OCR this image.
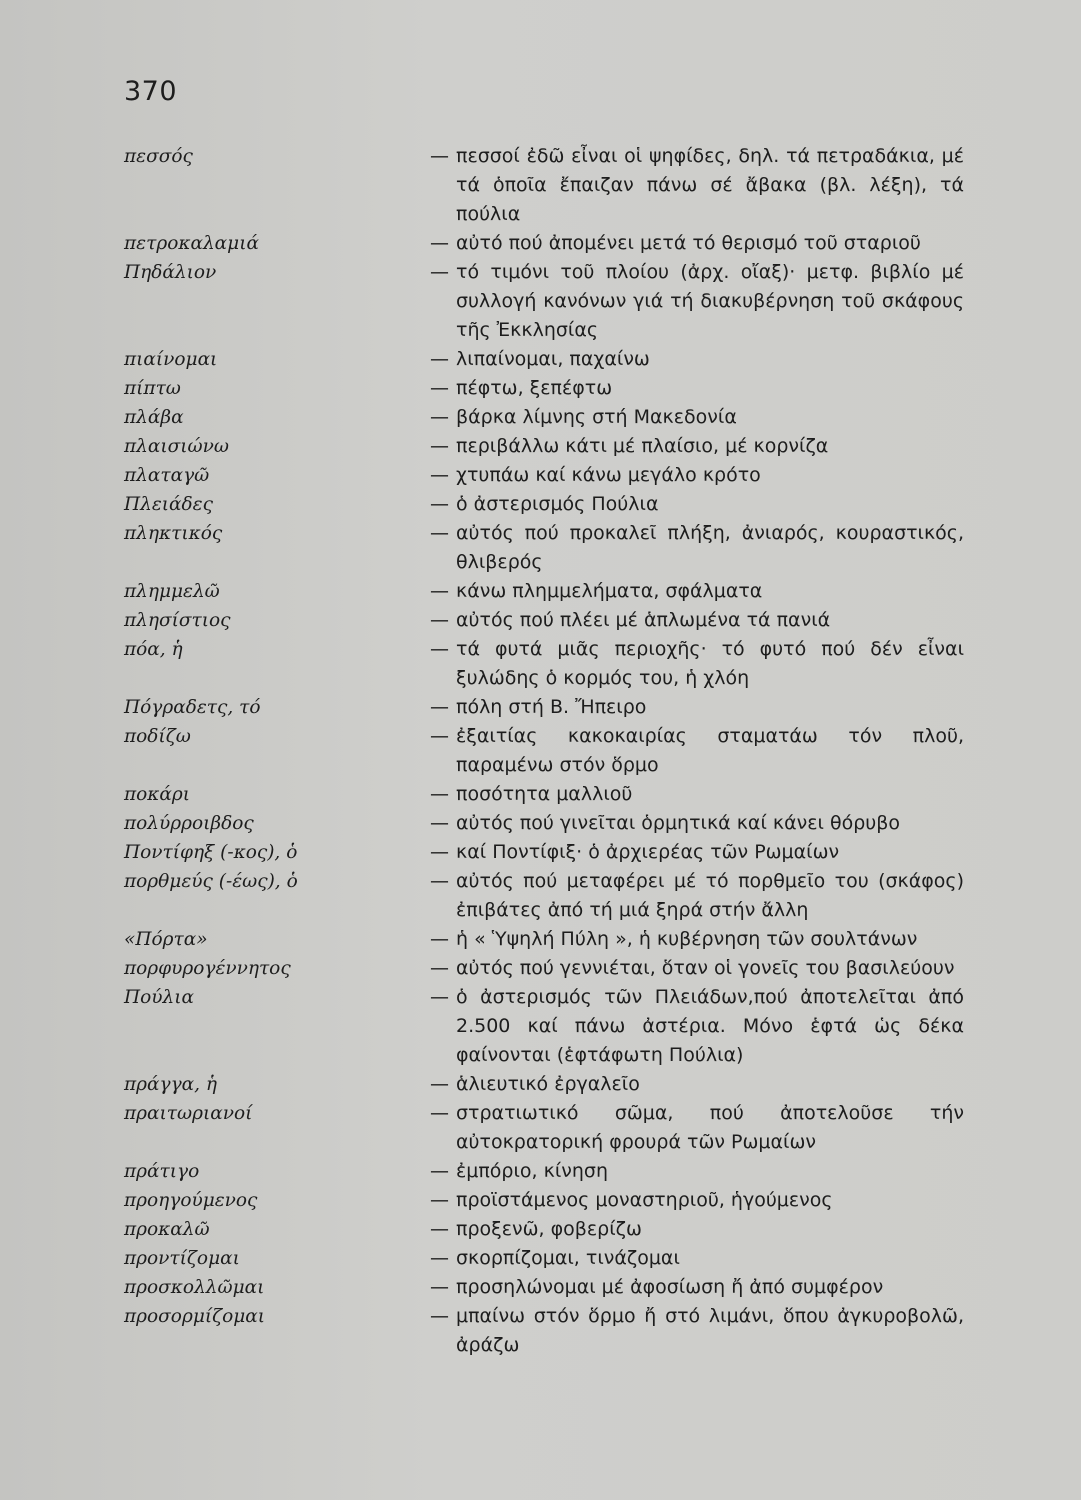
370
πεσσός	— πεσσοί ἐδῶ εἶναι οἱ ψηφίδες, δηλ. τά πετραδάκια, μέ τά ὁποῖα ἔπαιζαν πάνω σέ ἄβακα (βλ. λέξη), τά πούλια
πετροκαλαμιά	— αὐτό πού ἀπομένει μετά τό θερισμό τοῦ σταριοῦ
Πηδάλιον	— τό τιμόνι τοῦ πλοίου (ἀρχ. οἴαξ)· μετφ. βιβλίο μέ συλλογή κανόνων γιά τή διακυβέρνηση τοῦ σκάφους τῆς Ἐκκλησίας
πιαίνομαι	— λιπαίνομαι, παχαίνω
πίπτω	— πέφτω, ξεπέφτω
πλάβα	— βάρκα λίμνης στή Μακεδονία
πλαισιώνω	— περιβάλλω κάτι μέ πλαίσιο, μέ κορνίζα
πλαταγῶ	— χτυπάω καί κάνω μεγάλο κρότο
Πλειάδες	— ὁ ἀστερισμός Πούλια
πληκτικός	— αὐτός πού προκαλεῖ πλήξη, ἀνιαρός, κουραστικός, θλιβερός
πλημμελῶ	— κάνω πλημμελήματα, σφάλματα
πλησίστιος	— αὐτός πού πλέει μέ ἁπλωμένα τά πανιά
πόα, ἡ	— τά φυτά μιᾶς περιοχῆς· τό φυτό πού δέν εἶναι ξυλώδης ὁ κορμός του, ἡ χλόη
Πόγραδετς, τό	— πόλη στή Β. Ἤπειρο
ποδίζω	— ἐξαιτίας κακοκαιρίας σταματάω τόν πλοῦ, παραμένω στόν ὅρμο
ποκάρι	— ποσότητα μαλλιοῦ
πολύρροιβδος	— αὐτός πού γινεῖται ὁρμητικά καί κάνει θόρυβο
Ποντίφηξ (-κος), ὁ	— καί Ποντίφιξ· ὁ ἀρχιερέας τῶν Ρωμαίων
πορθμεύς (-έως), ὁ	— αὐτός πού μεταφέρει μέ τό πορθμεῖο του (σκάφος) ἐπιβάτες ἀπό τή μιά ξηρά στήν ἄλλη
«Πόρτα»	— ἡ « Ὑψηλή Πύλη », ἡ κυβέρνηση τῶν σουλτάνων
πορφυρογέννητος	— αὐτός πού γεννιέται, ὅταν οἱ γονεῖς του βασιλεύουν
Πούλια	— ὁ ἀστερισμός τῶν Πλειάδων,πού ἀποτελεῖται ἀπό 2.500 καί πάνω ἀστέρια. Μόνο ἑφτά ὡς δέκα φαίνονται (ἑφτάφωτη Πούλια)
πράγγα, ἡ	— ἁλιευτικό ἐργαλεῖο
πραιτωριανοί	— στρατιωτικό σῶμα, πού ἀποτελοῦσε τήν αὐτοκρατορική φρουρά τῶν Ρωμαίων
πράτιγο	— ἐμπόριο, κίνηση
προηγούμενος	— προϊστάμενος μοναστηριοῦ, ἡγούμενος
προκαλῶ	— προξενῶ, φοβερίζω
προντίζομαι	— σκορπίζομαι, τινάζομαι
προσκολλῶμαι	— προσηλώνομαι μέ ἀφοσίωση ἤ ἀπό συμφέρον
προσορμίζομαι	— μπαίνω στόν ὅρμο ἤ στό λιμάνι, ὅπου ἀγκυροβολῶ, ἀράζω
